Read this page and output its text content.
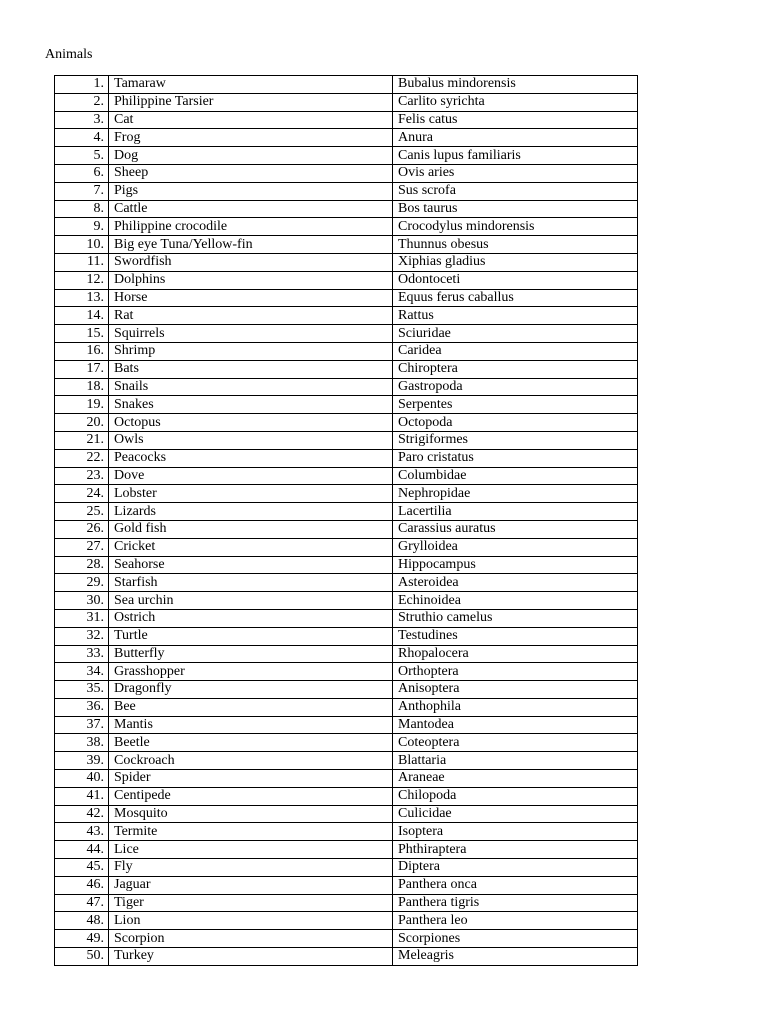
Animals
1.	Tamaraw	Bubalus mindorensis
2.	Philippine Tarsier	Carlito syrichta
3.	Cat	Felis catus
4.	Frog	Anura
5.	Dog	Canis lupus familiaris
6.	Sheep	Ovis aries
7.	Pigs	Sus scrofa
8.	Cattle	Bos taurus
9.	Philippine crocodile	Crocodylus mindorensis
10.	Big eye Tuna/Yellow-fin	Thunnus obesus
11.	Swordfish	Xiphias gladius
12.	Dolphins	Odontoceti
13.	Horse	Equus ferus caballus
14.	Rat	Rattus
15.	Squirrels	Sciuridae
16.	Shrimp	Caridea
17.	Bats	Chiroptera
18.	Snails	Gastropoda
19.	Snakes	Serpentes
20.	Octopus	Octopoda
21.	Owls	Strigiformes
22.	Peacocks	Paro cristatus
23.	Dove	Columbidae
24.	Lobster	Nephropidae
25.	Lizards	Lacertilia
26.	Gold fish	Carassius auratus
27.	Cricket	Grylloidea
28.	Seahorse	Hippocampus
29.	Starfish	Asteroidea
30.	Sea urchin	Echinoidea
31.	Ostrich	Struthio camelus
32.	Turtle	Testudines
33.	Butterfly	Rhopalocera
34.	Grasshopper	Orthoptera
35.	Dragonfly	Anisoptera
36.	Bee	Anthophila
37.	Mantis	Mantodea
38.	Beetle	Coteoptera
39.	Cockroach	Blattaria
40.	Spider	Araneae
41.	Centipede	Chilopoda
42.	Mosquito	Culicidae
43.	Termite	Isoptera
44.	Lice	Phthiraptera
45.	Fly	Diptera
46.	Jaguar	Panthera onca
47.	Tiger	Panthera tigris
48.	Lion	Panthera leo
49.	Scorpion	Scorpiones
50.	Turkey	Meleagris
